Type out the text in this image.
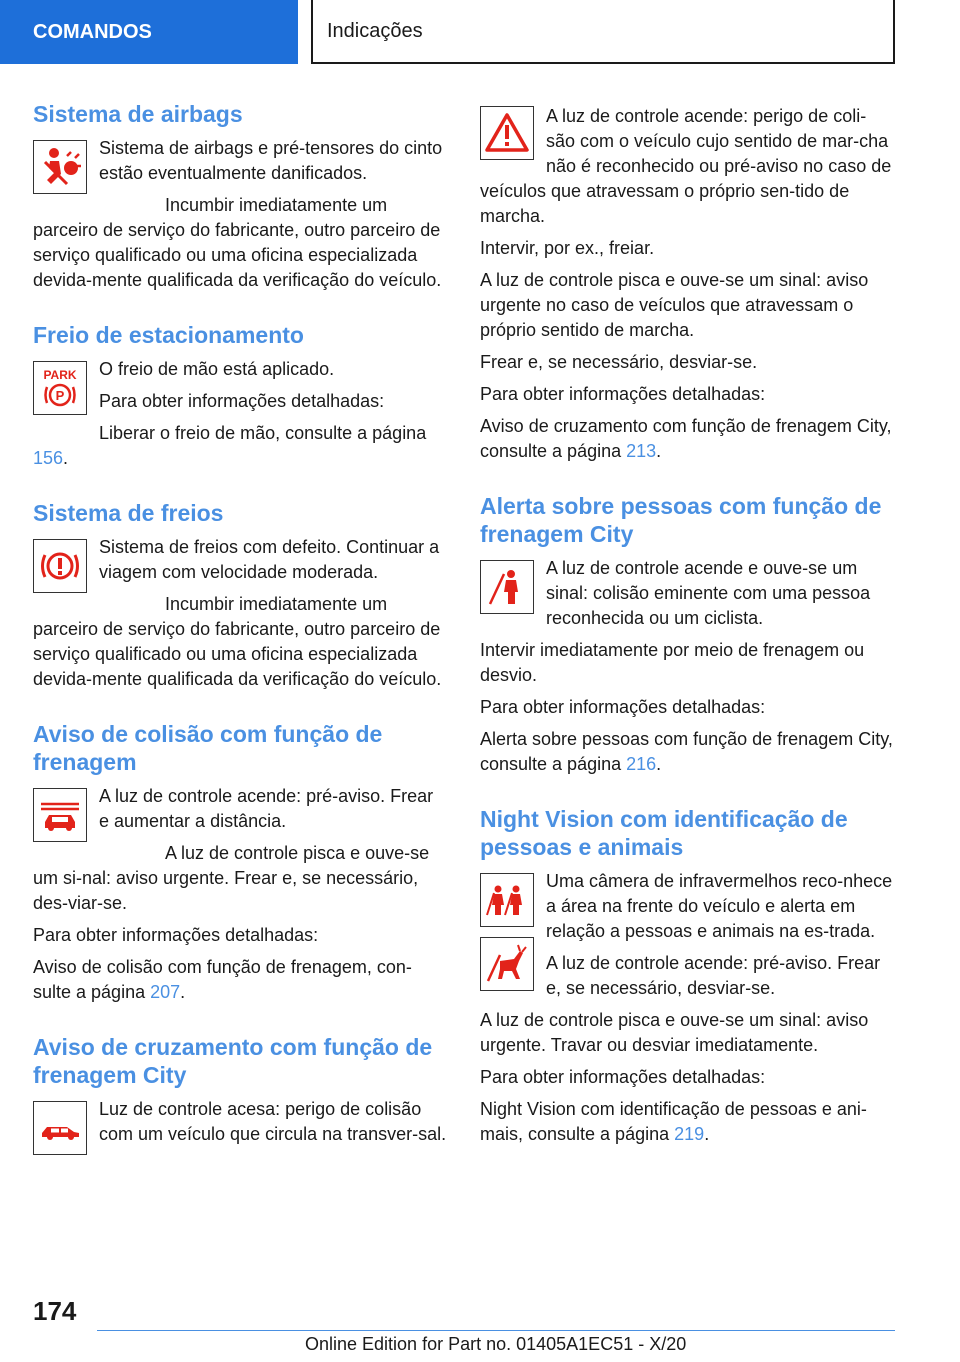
COMANDOS	Indicações
Sistema de airbags

Sistema de airbags e pré-tensores do cinto estão eventualmente danificados.

Incumbir imediatamente um parceiro de serviço do fabricante, outro parceiro de serviço qualificado ou uma oficina especializada devida-mente qualificada da verificação do veículo.

Freio de estacionamento
PARK
P

O freio de mão está aplicado.

Para obter informações detalhadas:

Liberar o freio de mão, consulte a página 156.

Sistema de freios

Sistema de freios com defeito. Continuar a viagem com velocidade moderada.

Incumbir imediatamente um parceiro de serviço do fabricante, outro parceiro de serviço qualificado ou uma oficina especializada devida-mente qualificada da verificação do veículo.

Aviso de colisão com função de frenagem

A luz de controle acende: pré-aviso. Frear e aumentar a distância.

A luz de controle pisca e ouve-se um si-nal: aviso urgente. Frear e, se necessário, des-viar-se.

Para obter informações detalhadas:

Aviso de colisão com função de frenagem, con-sulte a página 207.

Aviso de cruzamento com função de frenagem City

Luz de controle acesa: perigo de colisão com um veículo que circula na transver-sal.

A luz de controle acende: perigo de coli-são com o veículo cujo sentido de mar-cha não é reconhecido ou pré-aviso no caso de veículos que atravessam o próprio sen-tido de marcha.

Intervir, por ex., freiar.

A luz de controle pisca e ouve-se um sinal: aviso urgente no caso de veículos que atravessam o próprio sentido de marcha.

Frear e, se necessário, desviar-se.

Para obter informações detalhadas:

Aviso de cruzamento com função de frenagem City, consulte a página 213.

Alerta sobre pessoas com função de frenagem City

A luz de controle acende e ouve-se um sinal: colisão eminente com uma pessoa reconhecida ou um ciclista.

Intervir imediatamente por meio de frenagem ou desvio.

Para obter informações detalhadas:

Alerta sobre pessoas com função de frenagem City, consulte a página 216.

Night Vision com identificação de pessoas e animais

Uma câmera de infravermelhos reco-nhece a área na frente do veículo e alerta em relação a pessoas e animais na es-trada.

A luz de controle acende: pré-aviso. Frear e, se necessário, desviar-se.

A luz de controle pisca e ouve-se um sinal: aviso urgente. Travar ou desviar imediatamente.

Para obter informações detalhadas:

Night Vision com identificação de pessoas e ani-mais, consulte a página 219.

174
Online Edition for Part no. 01405A1EC51 - X/20
